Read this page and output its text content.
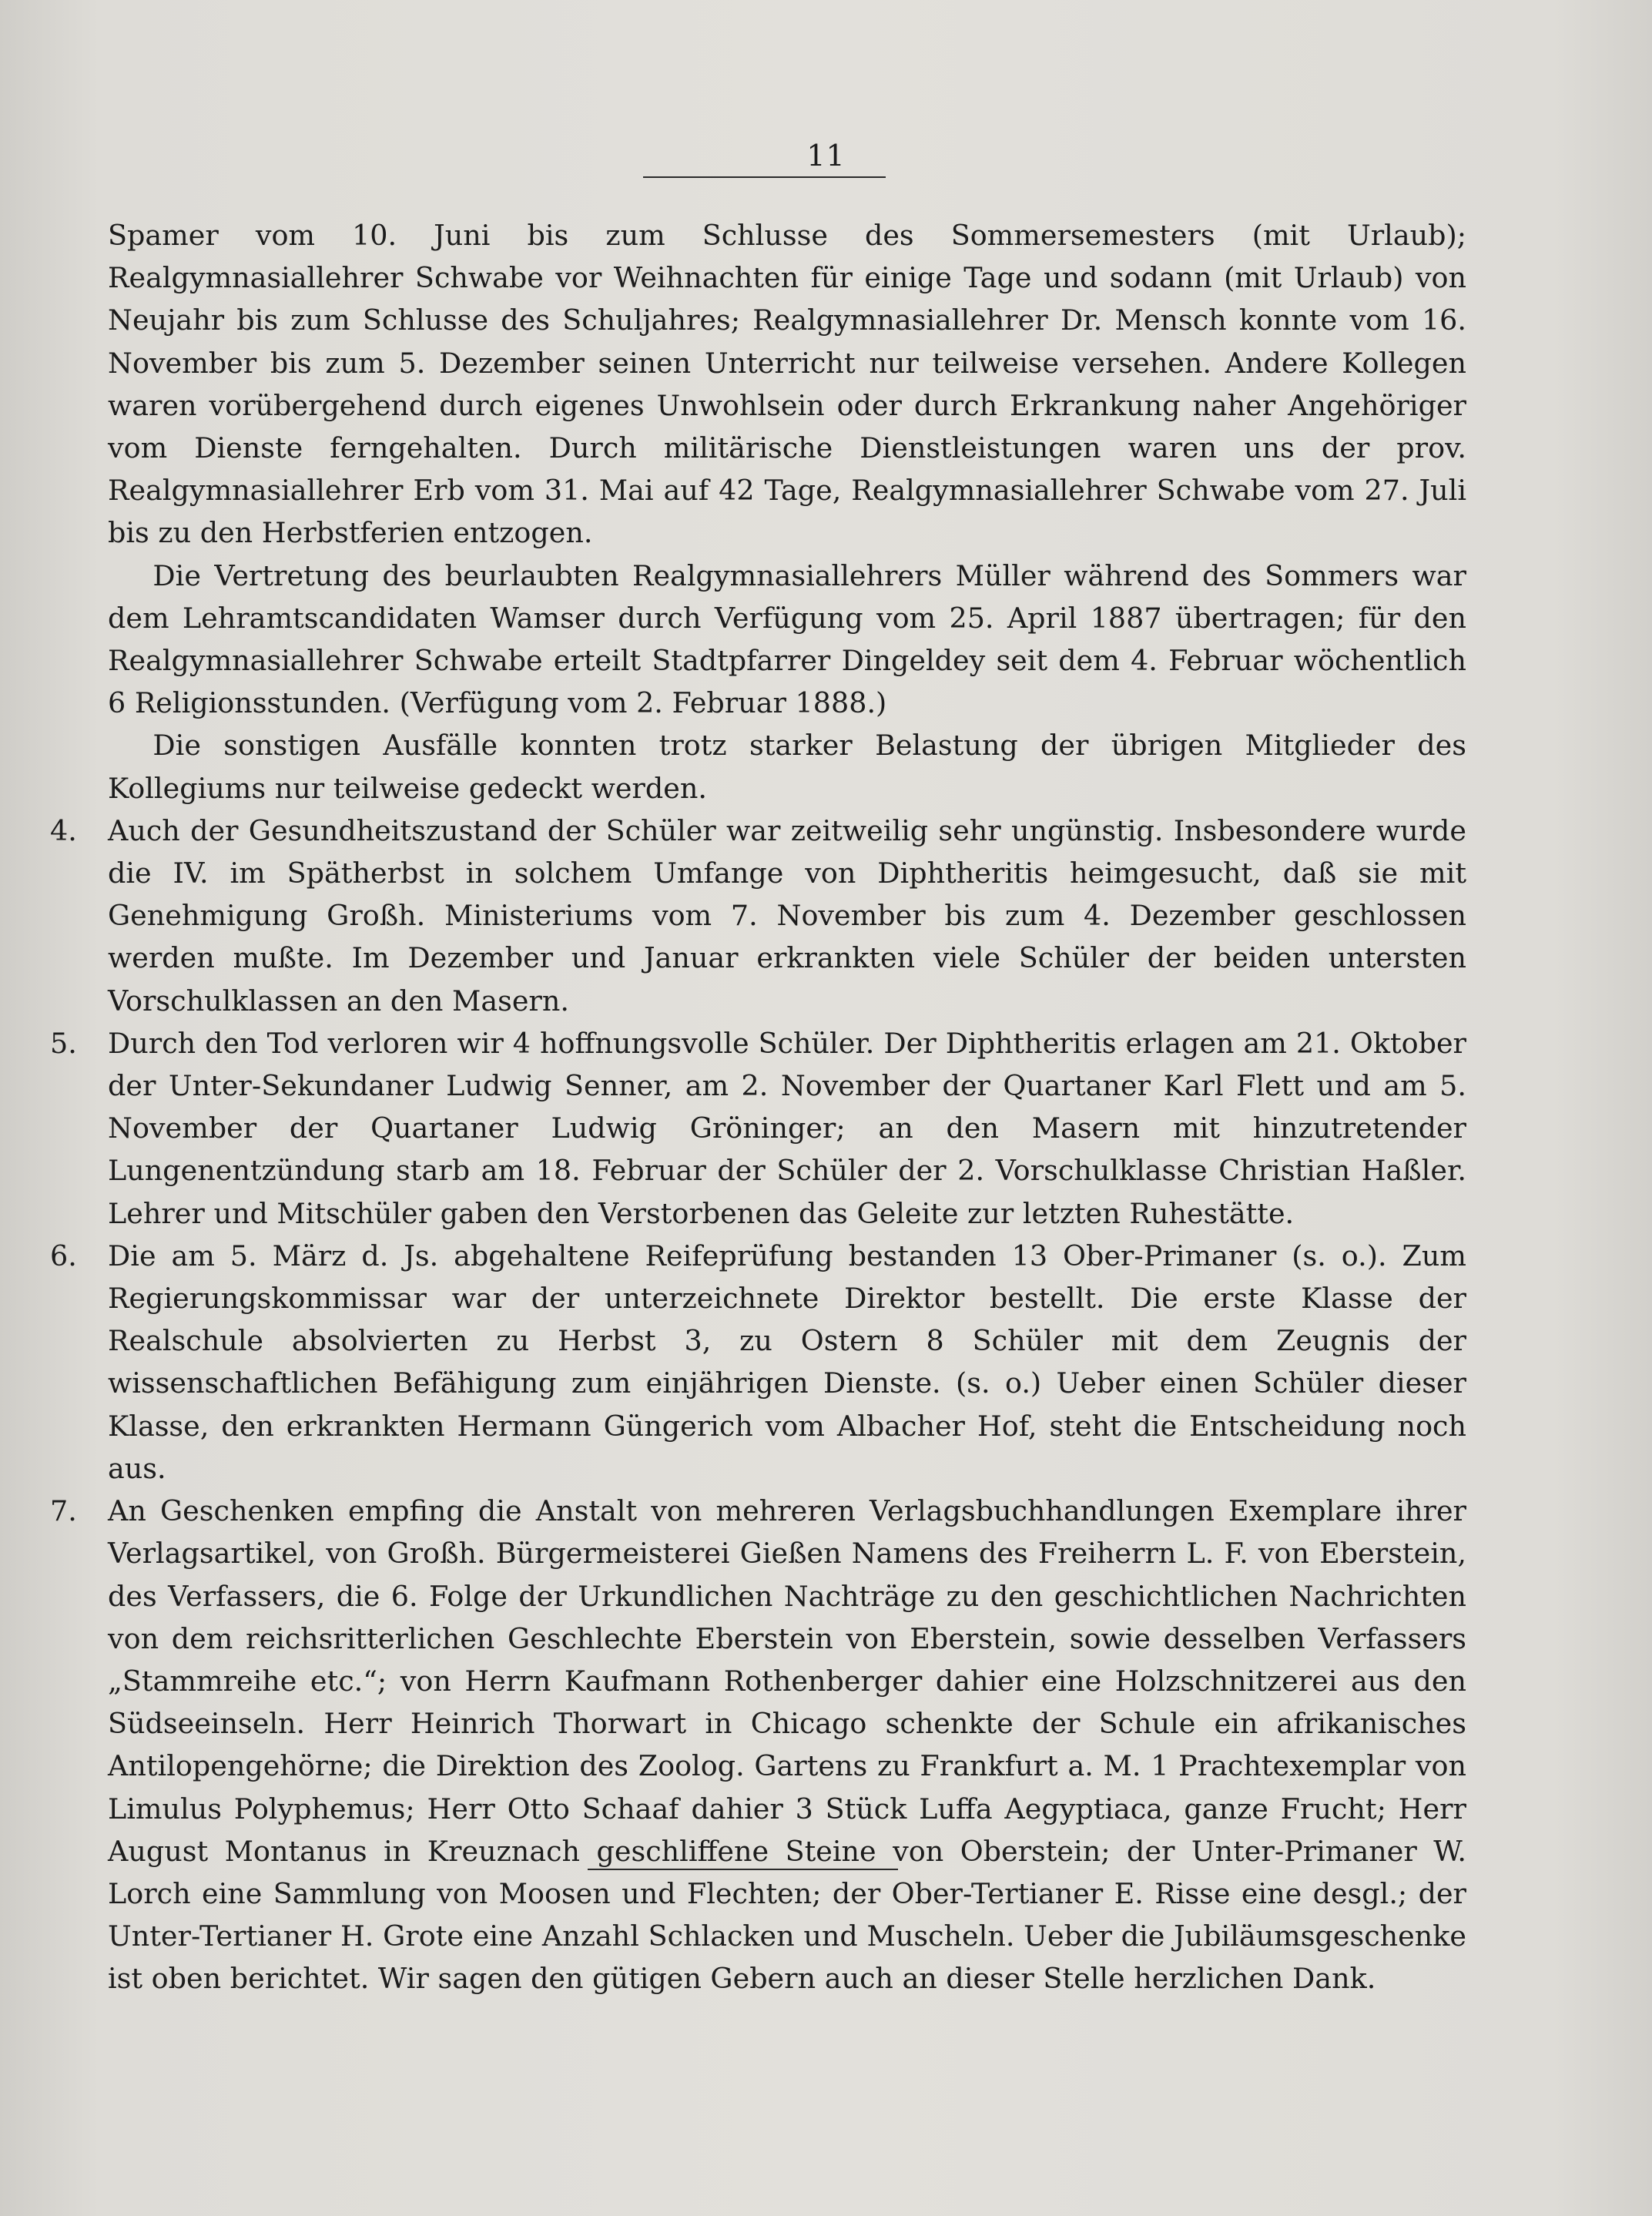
11

Spamer vom 10. Juni bis zum Schlusse des Sommersemesters (mit Urlaub); Realgymnasiallehrer Schwabe vor Weihnachten für einige Tage und sodann (mit Urlaub) von Neujahr bis zum Schlusse des Schuljahres; Realgymnasiallehrer Dr. Mensch konnte vom 16. November bis zum 5. Dezember seinen Unterricht nur teilweise versehen. Andere Kollegen waren vorübergehend durch eigenes Unwohlsein oder durch Erkrankung naher Angehöriger vom Dienste ferngehalten. Durch militärische Dienstleistungen waren uns der prov. Realgymnasiallehrer Erb vom 31. Mai auf 42 Tage, Realgymnasiallehrer Schwabe vom 27. Juli bis zu den Herbstferien entzogen.

Die Vertretung des beurlaubten Realgymnasiallehrers Müller während des Sommers war dem Lehramtscandidaten Wamser durch Verfügung vom 25. April 1887 übertragen; für den Realgymnasiallehrer Schwabe erteilt Stadtpfarrer Dingeldey seit dem 4. Februar wöchentlich 6 Religionsstunden. (Verfügung vom 2. Februar 1888.)

Die sonstigen Ausfälle konnten trotz starker Belastung der übrigen Mitglieder des Kollegiums nur teilweise gedeckt werden.

4.	Auch der Gesundheitszustand der Schüler war zeitweilig sehr ungünstig. Insbesondere wurde die IV. im Spätherbst in solchem Umfange von Diphtheritis heimgesucht, daß sie mit Genehmigung Großh. Ministeriums vom 7. November bis zum 4. Dezember geschlossen werden mußte. Im Dezember und Januar erkrankten viele Schüler der beiden untersten Vorschulklassen an den Masern.

5.	Durch den Tod verloren wir 4 hoffnungsvolle Schüler. Der Diphtheritis erlagen am 21. Oktober der Unter-Sekundaner Ludwig Senner, am 2. November der Quartaner Karl Flett und am 5. November der Quartaner Ludwig Gröninger; an den Masern mit hinzutretender Lungenentzündung starb am 18. Februar der Schüler der 2. Vorschulklasse Christian Haßler. Lehrer und Mitschüler gaben den Verstorbenen das Geleite zur letzten Ruhestätte.

6.	Die am 5. März d. Js. abgehaltene Reifeprüfung bestanden 13 Ober-Primaner (s. o.). Zum Regierungskommissar war der unterzeichnete Direktor bestellt. Die erste Klasse der Realschule absolvierten zu Herbst 3, zu Ostern 8 Schüler mit dem Zeugnis der wissenschaftlichen Befähigung zum einjährigen Dienste. (s. o.) Ueber einen Schüler dieser Klasse, den erkrankten Hermann Güngerich vom Albacher Hof, steht die Entscheidung noch aus.

7.	An Geschenken empfing die Anstalt von mehreren Verlagsbuchhandlungen Exemplare ihrer Verlagsartikel, von Großh. Bürgermeisterei Gießen Namens des Freiherrn L. F. von Eberstein, des Verfassers, die 6. Folge der Urkundlichen Nachträge zu den geschichtlichen Nachrichten von dem reichsritterlichen Geschlechte Eberstein von Eberstein, sowie desselben Verfassers „Stammreihe etc.“; von Herrn Kaufmann Rothenberger dahier eine Holzschnitzerei aus den Südseeinseln. Herr Heinrich Thorwart in Chicago schenkte der Schule ein afrikanisches Antilopengehörne; die Direktion des Zoolog. Gartens zu Frankfurt a. M. 1 Prachtexemplar von Limulus Polyphemus; Herr Otto Schaaf dahier 3 Stück Luffa Aegyptiaca, ganze Frucht; Herr August Montanus in Kreuznach geschliffene Steine von Oberstein; der Unter-Primaner W. Lorch eine Sammlung von Moosen und Flechten; der Ober-Tertianer E. Risse eine desgl.; der Unter-Tertianer H. Grote eine Anzahl Schlacken und Muscheln. Ueber die Jubiläumsgeschenke ist oben berichtet. Wir sagen den gütigen Gebern auch an dieser Stelle herzlichen Dank.
